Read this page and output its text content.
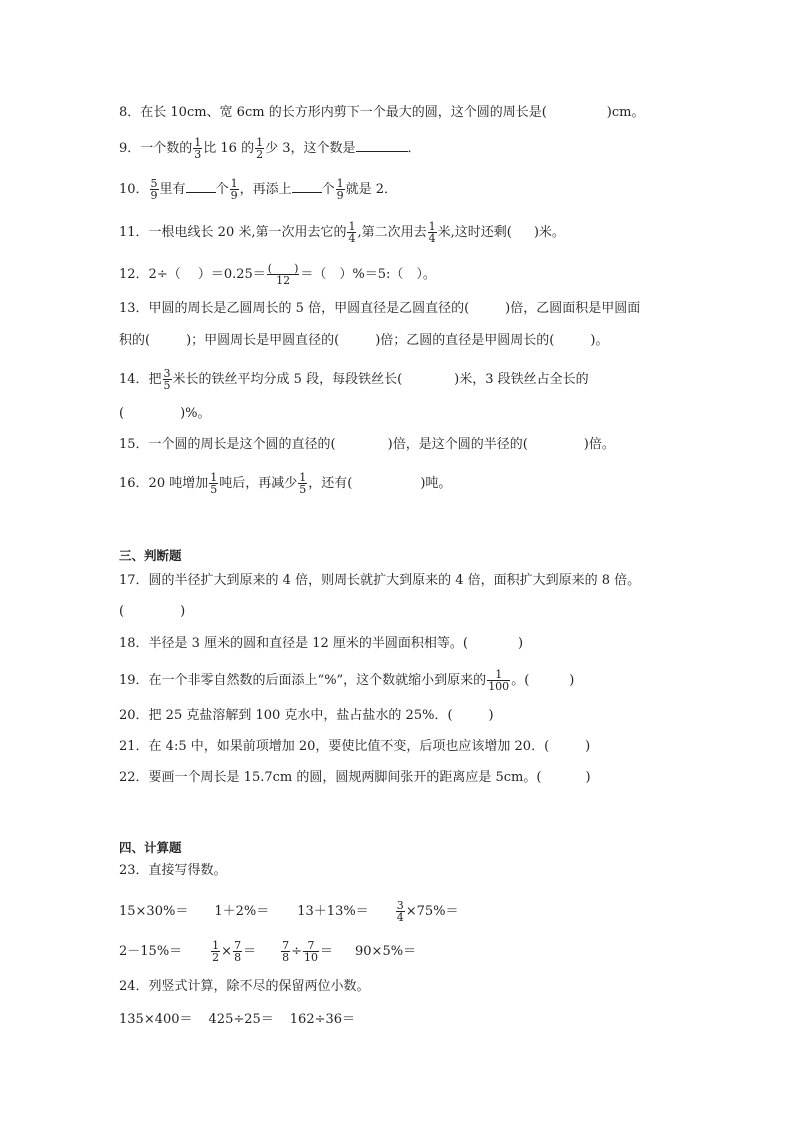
8．在长 10cm、宽 6cm 的长方形内剪下一个最大的圆，这个圆的周长是(	)cm。
9．一个数的 $\frac{1}{3}$ 比 16 的 $\frac{1}{2}$ 少 3，这个数是	．
10． $\frac{5}{9}$ 里有 个 $\frac{1}{9}$ ，再添上 个 $\frac{1}{9}$ 就是 2．
11．一根电线长 20 米,第一次用去它的 $\frac{1}{4}$ ,第二次用去 $\frac{1}{4}$ 米,这时还剩( )米。
12．2÷（　 ）$=0.25= \frac{( )}{12}$ ＝（　）%＝5:（　）。
13．甲圆的周长是乙圆周长的 5 倍，甲圆直径是乙圆直径的(	)倍，乙圆面积是甲圆面
积的(	)；甲圆周长是甲圆直径的(	)倍；乙圆的直径是甲圆周长的(	)。
14．把 $\frac{3}{5}$ 米长的铁丝平均分成 5 段，每段铁丝长(	)米，3 段铁丝占全长的
(	)%。
15．一个圆的周长是这个圆的直径的(	)倍，是这个圆的半径的(	)倍。
16．20 吨增加 $\frac{1}{5}$ 吨后，再减少 $\frac{1}{5}$ ，还有(	)吨。
三、判断题
17．圆的半径扩大到原来的 4 倍，则周长就扩大到原来的 4 倍，面积扩大到原来的 8 倍。
(	)
18．半径是 3 厘米的圆和直径是 12 厘米的半圆面积相等。(	)
19．在一个非零自然数的后面添上“%”，这个数就缩小到原来的 $\frac{1}{100}$ 。(	)
20．把 25 克盐溶解到 100 克水中，盐占盐水的 25%．(	)
21．在 4:5 中，如果前项增加 20，要使比值不变，后项也应该增加 20．(	)
22．要画一个周长是 15.7cm 的圆，圆规两脚间张开的距离应是 5cm。(	)
四、计算题
23．直接写得数。
$15\times 30\%= 1+2\%= 13+13\%= \frac{3}{4} \times 75\%=$
2－15%＝	$\frac{1}{2} \times \frac{7}{8} = \frac{7}{8} \div \frac{7}{10} = 90\times 5\%=$
24．列竖式计算，除不尽的保留两位小数。
135×400＝ 425÷25＝ 162÷36＝
